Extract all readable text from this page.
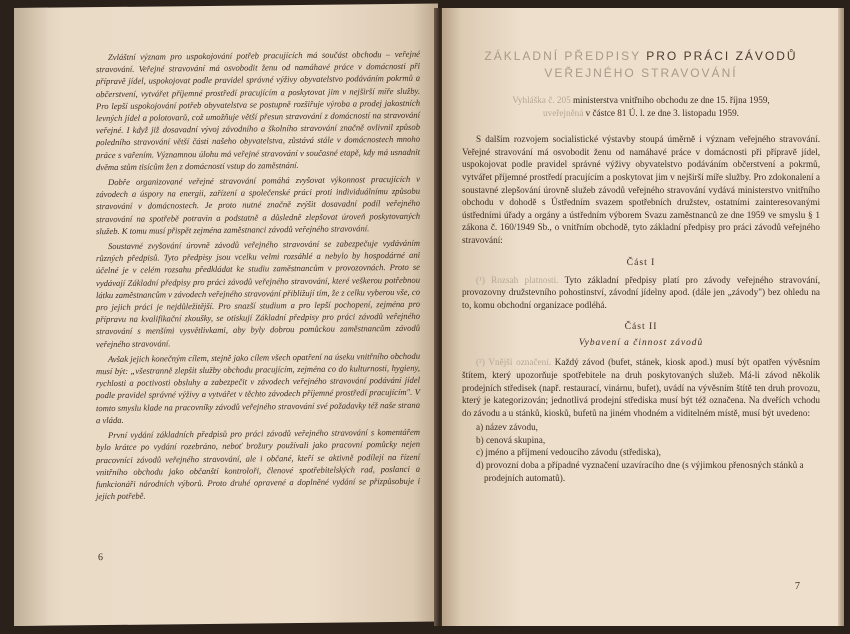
Zvláštní význam pro uspokojování potřeb pracujících má součást obchodu – veřejné stravování. Veřejné stravování má osvobodit ženu od namáhavé práce v domácnosti při přípravě jídel, uspokojovat podle pravidel správné výživy obyvatelstvo podáváním pokrmů a občerstvení, vytvářet příjemné prostředí pracujícím a poskytovat jim v nejširší míře služby. Pro lepší uspokojování potřeb obyvatelstva se postupně rozšiřuje výroba a prodej jakostních levných jídel a polotovarů, což umožňuje větší přesun stravování z domácností na stravování veřejné. I když již dosavadní vývoj závodního a školního stravování značně ovlivnil způsob poledního stravování větší části našeho obyvatelstva, zůstává stále v domácnostech mnoho práce s vařením. Významnou úlohu má veřejné stravování v současné etapě, kdy má usnadnit dvěma stům tisícům žen z domácností vstup do zaměstnání.

Dobře organizované veřejné stravování pomáhá zvyšovat výkonnost pracujících v závodech a úspory na energii, zařízení a společenské práci proti individuálnímu způsobu stravování v domácnostech. Je proto nutné značně zvýšit dosavadní podíl veřejného stravování na spotřebě potravin a podstatně a důsledně zlepšovat úroveň poskytovaných služeb. K tomu musí přispět zejména zaměstnanci závodů veřejného stravování.

Soustavné zvyšování úrovně závodů veřejného stravování se zabezpečuje vydáváním různých předpisů. Tyto předpisy jsou vcelku velmi rozsáhlé a nebylo by hospodárné ani účelné je v celém rozsahu předkládat ke studiu zaměstnancům v provozovnách. Proto se vydávají Základní předpisy pro práci závodů veřejného stravování, které veškerou potřebnou látku zaměstnancům v závodech veřejného stravování přibližují tím, že z celku vyberou vše, co pro jejich práci je nejdůležitější. Pro snazší studium a pro lepší pochopení, zejména pro přípravu na kvalifikační zkoušky, se otiskují Základní předpisy pro práci závodů veřejného stravování s menšími vysvětlivkami, aby byly dobrou pomůckou zaměstnancům závodů veřejného stravování.

Avšak jejich konečným cílem, stejně jako cílem všech opatření na úseku vnitřního obchodu musí být: „všestranně zlepšit služby obchodu pracujícím, zejména co do kulturnosti, hygieny, rychlosti a poctivosti obsluhy a zabezpečit v závodech veřejného stravování podávání jídel podle pravidel správné výživy a vytvářet v těchto závodech příjemné prostředí pracujícím". V tomto smyslu klade na pracovníky závodů veřejného stravování své požadavky též naše strana a vláda.

První vydání základních předpisů pro práci závodů veřejného stravování s komentářem bylo krátce po vydání rozebráno, neboť brožury používali jako pracovní pomůcky nejen pracovníci závodů veřejného stravování, ale i občané, kteří se aktivně podílejí na řízení vnitřního obchodu jako občanští kontroloři, členové spotřebitelských rad, poslanci a funkcionáři národních výborů. Proto druhé opravené a doplněné vydání se přizpůsobuje i jejich potřebě.

6
ZÁKLADNÍ PŘEDPISY PRO PRÁCI ZÁVODŮ
VEŘEJNÉHO STRAVOVÁNÍ
Vyhláška č. 205 ministerstva vnitřního obchodu ze dne 15. října 1959,
uveřejněná v částce 81 Ú. l. ze dne 3. listopadu 1959.

S dalším rozvojem socialistické výstavby stoupá úměrně i význam veřejného stravování. Veřejné stravování má osvobodit ženu od namáhavé práce v domácnosti při přípravě jídel, uspokojovat podle pravidel správné výživy obyvatelstvo podáváním občerstvení a pokrmů, vytvářet příjemné prostředí pracujícím a poskytovat jim v nejširší míře služby. Pro zdokonalení a soustavné zlepšování úrovně služeb závodů veřejného stravování vydává ministerstvo vnitřního obchodu v dohodě s Ústředním svazem spotřebních družstev, ostatními zainteresovanými ústředními úřady a orgány a ústředním výborem Svazu zaměstnanců ze dne 1959 ve smyslu § 1 zákona č. 160/1949 Sb., o vnitřním obchodě, tyto základní předpisy pro práci závodů veřejného stravování:

Část I

(¹) Rozsah platnosti. Tyto základní předpisy platí pro závody veřejného stravování, provozovny družstevního pohostinství, závodní jídelny apod. (dále jen „závody") bez ohledu na to, komu obchodní organizace podléhá.

Část II
Vybavení a činnost závodů

(²) Vnější označení. Každý závod (bufet, stánek, kiosk apod.) musí být opatřen vývěsním štítem, který upozorňuje spotřebitele na druh poskytovaných služeb. Má-li závod několik prodejních středisek (např. restaurací, vinárnu, bufet), uvádí na vývěsním štítě ten druh provozu, který je kategorizován; jednotlivá prodejní střediska musí být též označena. Na dveřích vchodu do závodu a u stánků, kiosků, bufetů na jiném vhodném a viditelném místě, musí být uvedeno:

a) název závodu,
b) cenová skupina,
c) jméno a příjmení vedoucího závodu (střediska),
d) provozní doba a případné vyznačení uzavíracího dne (s výjimkou přenosných stánků a prodejních automatů).
7
